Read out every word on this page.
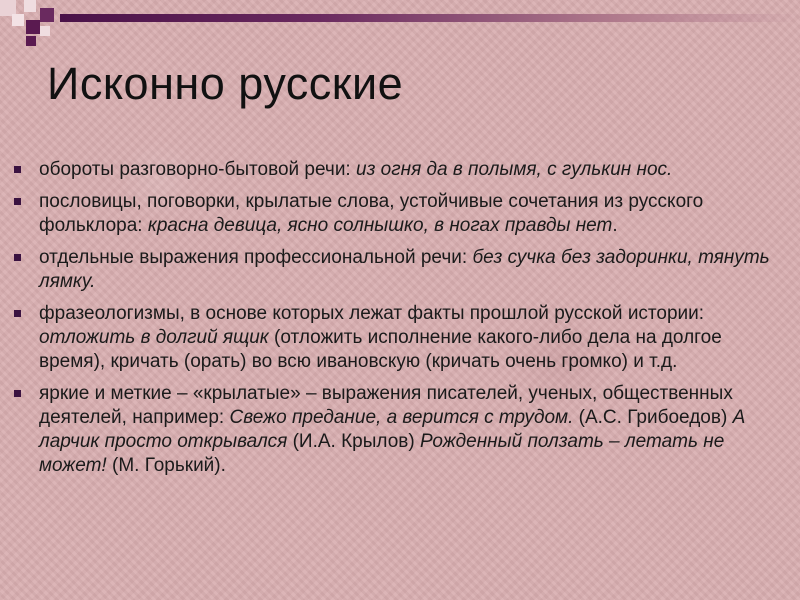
Исконно русские
обороты разговорно-бытовой речи: из огня да в полымя, с гулькин нос.
пословицы, поговорки, крылатые слова, устойчивые сочетания из русского фольклора: красна девица, ясно солнышко, в ногах правды нет.
отдельные выражения профессиональной речи: без сучка без задоринки, тянуть лямку.
фразеологизмы, в основе которых лежат факты прошлой русской истории: отложить в долгий ящик (отложить исполнение какого-либо дела на долгое время), кричать (орать) во всю ивановскую (кричать очень громко) и т.д.
яркие и меткие – «крылатые» – выражения писателей, ученых, общественных деятелей, например: Свежо предание, а верится с трудом. (А.С. Грибоедов) А ларчик просто открывался (И.А. Крылов) Рожденный ползать – летать не может! (М. Горький).
